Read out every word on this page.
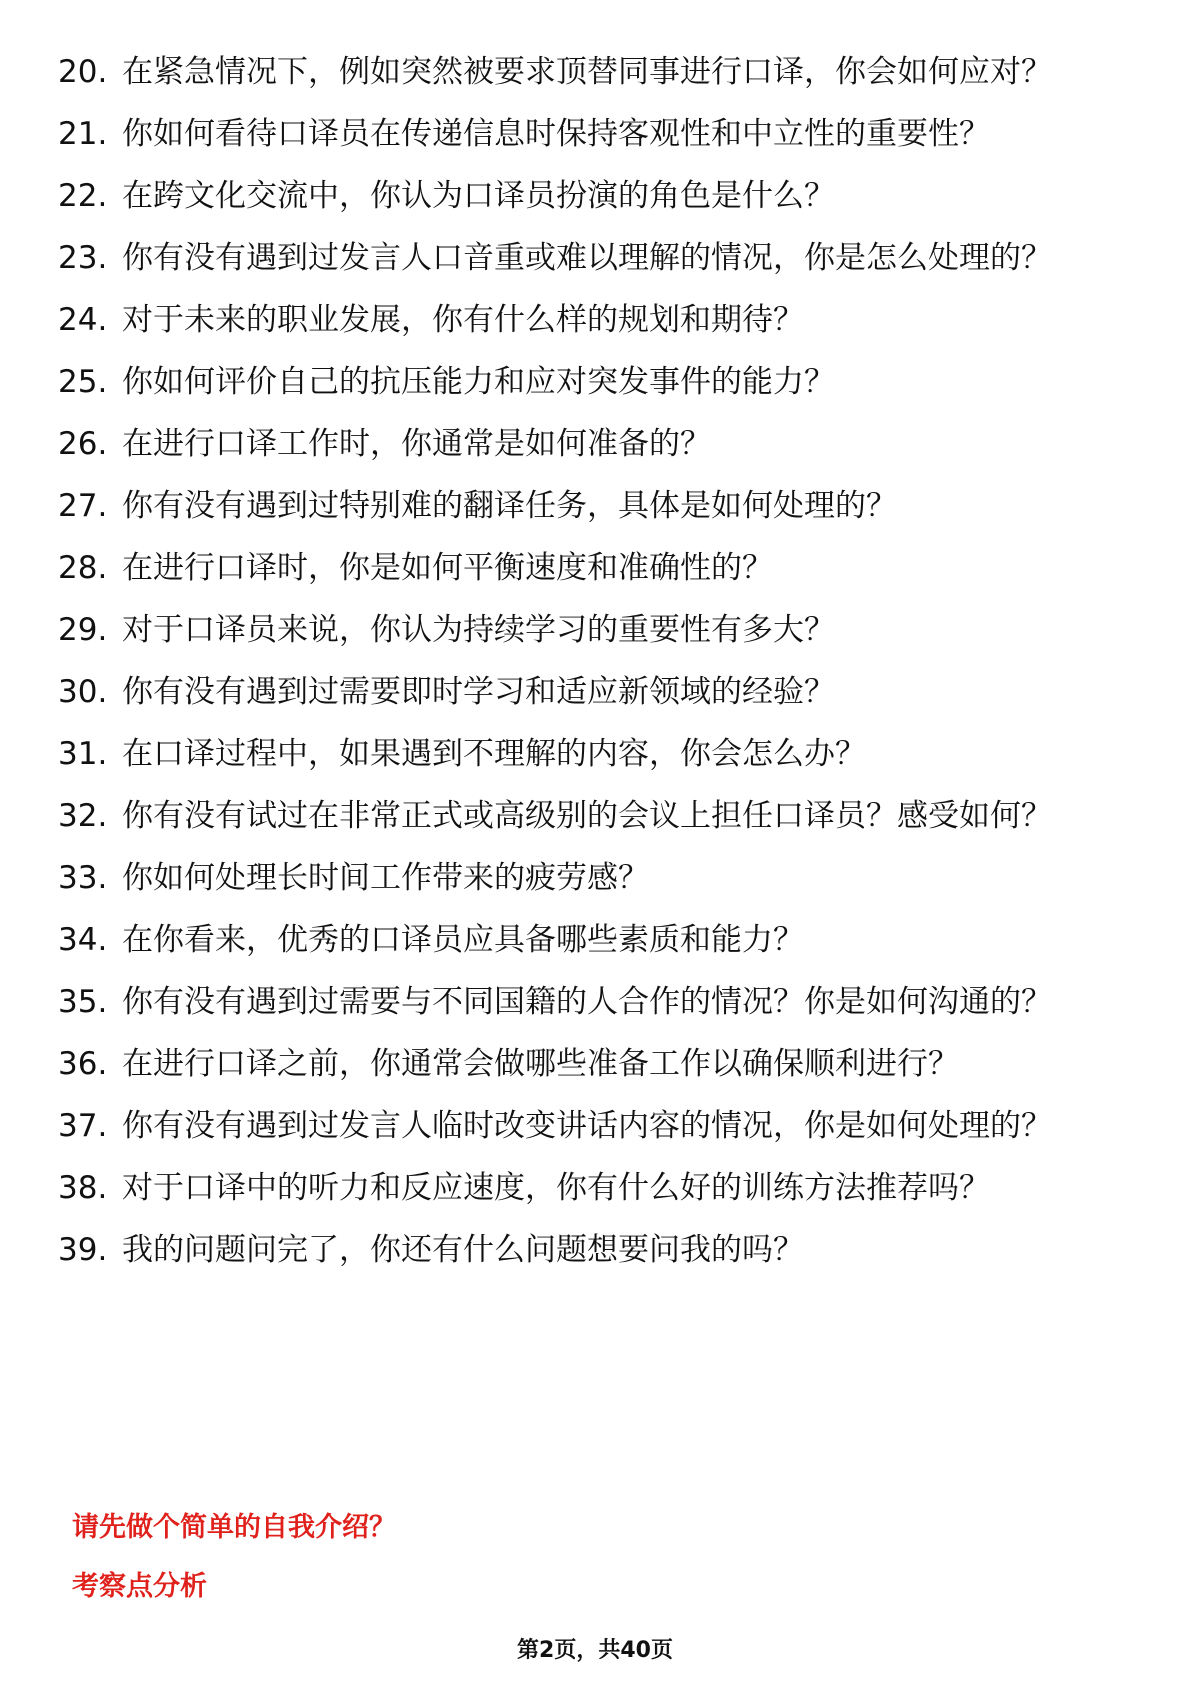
20. 在紧急情况下，例如突然被要求顶替同事进行口译，你会如何应对？
21. 你如何看待口译员在传递信息时保持客观性和中立性的重要性？
22. 在跨文化交流中，你认为口译员扮演的角色是什么？
23. 你有没有遇到过发言人口音重或难以理解的情况，你是怎么处理的？
24. 对于未来的职业发展，你有什么样的规划和期待？
25. 你如何评价自己的抗压能力和应对突发事件的能力？
26. 在进行口译工作时，你通常是如何准备的？
27. 你有没有遇到过特别难的翻译任务，具体是如何处理的？
28. 在进行口译时，你是如何平衡速度和准确性的？
29. 对于口译员来说，你认为持续学习的重要性有多大？
30. 你有没有遇到过需要即时学习和适应新领域的经验？
31. 在口译过程中，如果遇到不理解的内容，你会怎么办？
32. 你有没有试过在非常正式或高级别的会议上担任口译员？感受如何？
33. 你如何处理长时间工作带来的疲劳感？
34. 在你看来，优秀的口译员应具备哪些素质和能力？
35. 你有没有遇到过需要与不同国籍的人合作的情况？你是如何沟通的？
36. 在进行口译之前，你通常会做哪些准备工作以确保顺利进行？
37. 你有没有遇到过发言人临时改变讲话内容的情况，你是如何处理的？
38. 对于口译中的听力和反应速度，你有什么好的训练方法推荐吗？
39. 我的问题问完了，你还有什么问题想要问我的吗？
请先做个简单的自我介绍？
考察点分析
第2页，共40页
